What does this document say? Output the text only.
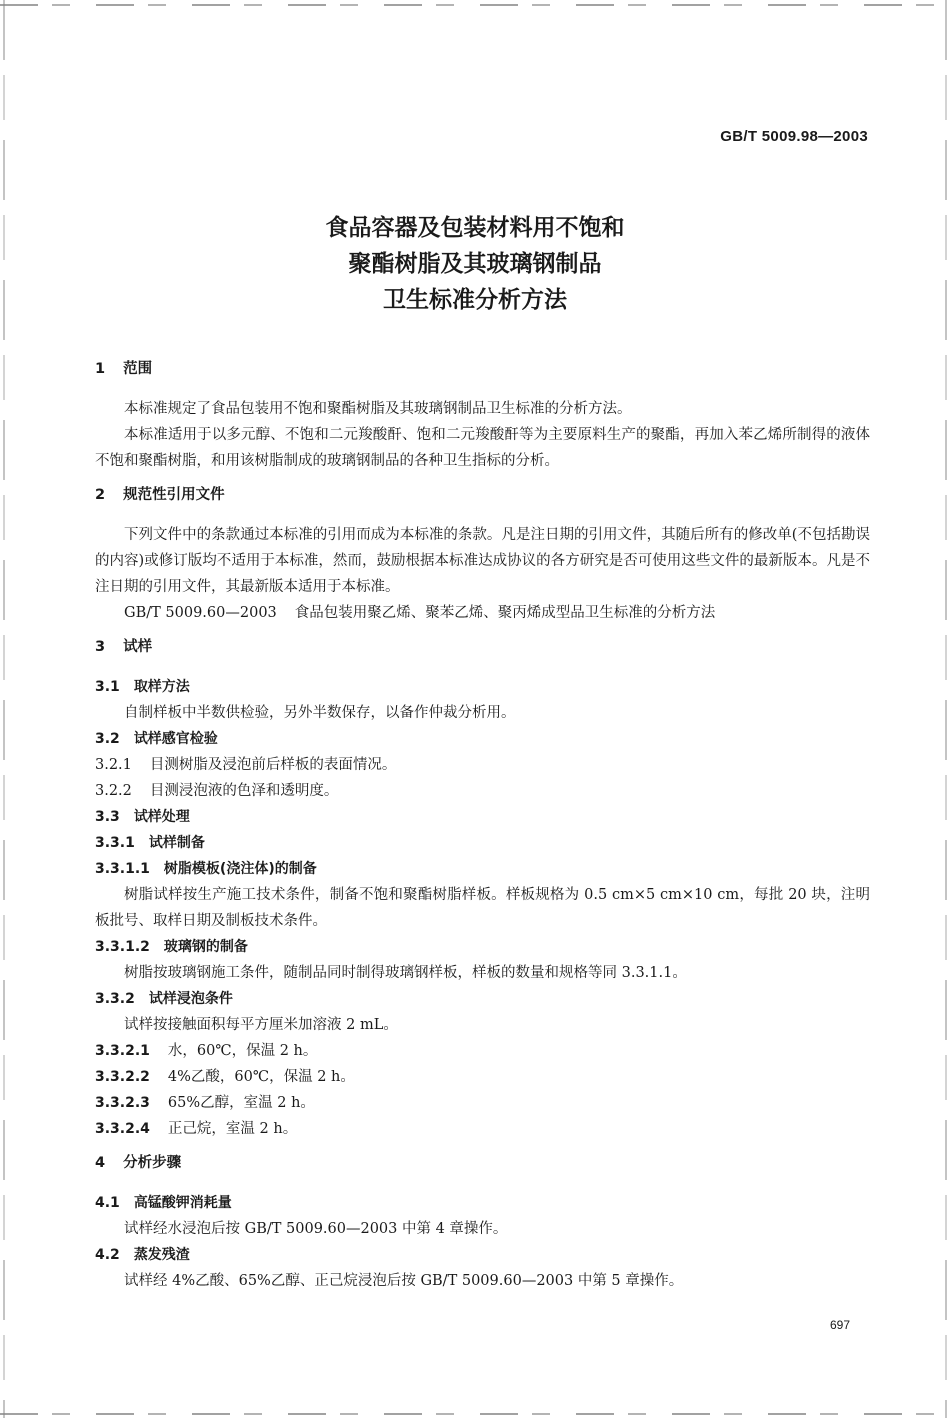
GB/T 5009.98—2003
食品容器及包装材料用不饱和
聚酯树脂及其玻璃钢制品
卫生标准分析方法
1 范围
本标准规定了食品包装用不饱和聚酯树脂及其玻璃钢制品卫生标准的分析方法。
本标准适用于以多元醇、不饱和二元羧酸酐、饱和二元羧酸酐等为主要原料生产的聚酯，再加入苯乙烯所制得的液体不饱和聚酯树脂，和用该树脂制成的玻璃钢制品的各种卫生指标的分析。
2 规范性引用文件
下列文件中的条款通过本标准的引用而成为本标准的条款。凡是注日期的引用文件，其随后所有的修改单(不包括勘误的内容)或修订版均不适用于本标准，然而，鼓励根据本标准达成协议的各方研究是否可使用这些文件的最新版本。凡是不注日期的引用文件，其最新版本适用于本标准。
GB/T 5009.60—2003 食品包装用聚乙烯、聚苯乙烯、聚丙烯成型品卫生标准的分析方法
3 试样
3.1 取样方法
自制样板中半数供检验，另外半数保存，以备作仲裁分析用。
3.2 试样感官检验
3.2.1 目测树脂及浸泡前后样板的表面情况。
3.2.2 目测浸泡液的色泽和透明度。
3.3 试样处理
3.3.1 试样制备
3.3.1.1 树脂模板(浇注体)的制备
树脂试样按生产施工技术条件，制备不饱和聚酯树脂样板。样板规格为 0.5 cm×5 cm×10 cm，每批 20 块，注明板批号、取样日期及制板技术条件。
3.3.1.2 玻璃钢的制备
树脂按玻璃钢施工条件，随制品同时制得玻璃钢样板，样板的数量和规格等同 3.3.1.1。
3.3.2 试样浸泡条件
试样按接触面积每平方厘米加溶液 2 mL。
3.3.2.1 水，60℃，保温 2 h。
3.3.2.2 4%乙酸，60℃，保温 2 h。
3.3.2.3 65%乙醇，室温 2 h。
3.3.2.4 正己烷，室温 2 h。
4 分析步骤
4.1 高锰酸钾消耗量
试样经水浸泡后按 GB/T 5009.60—2003 中第 4 章操作。
4.2 蒸发残渣
试样经 4%乙酸、65%乙醇、正己烷浸泡后按 GB/T 5009.60—2003 中第 5 章操作。
697
